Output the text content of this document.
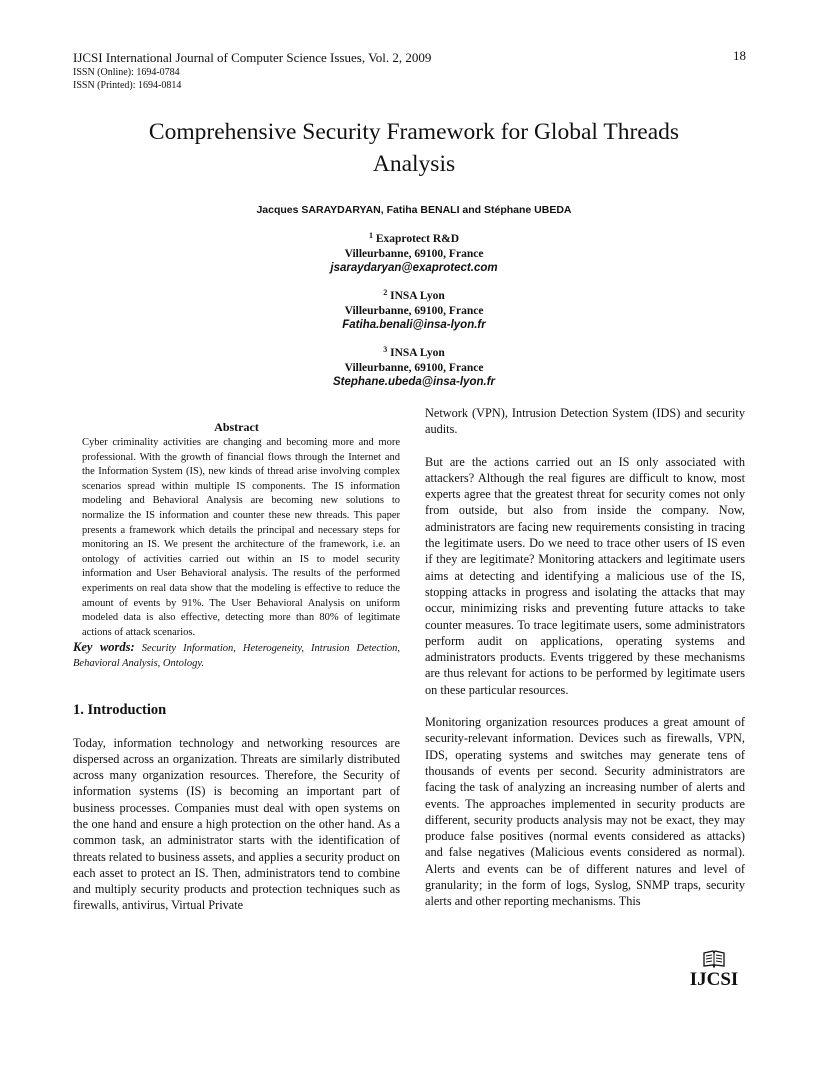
IJCSI International Journal of Computer Science Issues, Vol. 2, 2009
ISSN (Online): 1694-0784
ISSN (Printed): 1694-0814
18
Comprehensive Security Framework for Global Threads
Analysis
Jacques SARAYDARYAN, Fatiha BENALI and Stéphane UBEDA
$^1$ Exaprotect R&D
Villeurbanne, 69100, France
jsaraydaryan@exaprotect.com
$^2$ INSA Lyon
Villeurbanne, 69100, France
Fatiha.benali@insa-lyon.fr
$^3$ INSA Lyon
Villeurbanne, 69100, France
Stephane.ubeda@insa-lyon.fr
Abstract

Cyber criminality activities are changing and becoming more and more professional. With the growth of financial flows through the Internet and the Information System (IS), new kinds of thread arise involving complex scenarios spread within multiple IS components. The IS information modeling and Behavioral Analysis are becoming new solutions to normalize the IS information and counter these new threads. This paper presents a framework which details the principal and necessary steps for monitoring an IS. We present the architecture of the framework, i.e. an ontology of activities carried out within an IS to model security information and User Behavioral analysis. The results of the performed experiments on real data show that the modeling is effective to reduce the amount of events by 91%. The User Behavioral Analysis on uniform modeled data is also effective, detecting more than 80% of legitimate actions of attack scenarios.

Key words: Security Information, Heterogeneity, Intrusion Detection, Behavioral Analysis, Ontology.

1. Introduction

Today, information technology and networking resources are dispersed across an organization. Threats are similarly distributed across many organization resources. Therefore, the Security of information systems (IS) is becoming an important part of business processes. Companies must deal with open systems on the one hand and ensure a high protection on the other hand. As a common task, an administrator starts with the identification of threats related to business assets, and applies a security product on each asset to protect an IS. Then, administrators tend to combine and multiply security products and protection techniques such as firewalls, antivirus, Virtual Private

Network (VPN), Intrusion Detection System (IDS) and security audits.

But are the actions carried out an IS only associated with attackers? Although the real figures are difficult to know, most experts agree that the greatest threat for security comes not only from outside, but also from inside the company. Now, administrators are facing new requirements consisting in tracing the legitimate users. Do we need to trace other users of IS even if they are legitimate? Monitoring attackers and legitimate users aims at detecting and identifying a malicious use of the IS, stopping attacks in progress and isolating the attacks that may occur, minimizing risks and preventing future attacks to take counter measures. To trace legitimate users, some administrators perform audit on applications, operating systems and administrators products. Events triggered by these mechanisms are thus relevant for actions to be performed by legitimate users on these particular resources.

Monitoring organization resources produces a great amount of security-relevant information. Devices such as firewalls, VPN, IDS, operating systems and switches may generate tens of thousands of events per second. Security administrators are facing the task of analyzing an increasing number of alerts and events. The approaches implemented in security products are different, security products analysis may not be exact, they may produce false positives (normal events considered as attacks) and false negatives (Malicious events considered as normal). Alerts and events can be of different natures and level of granularity; in the form of logs, Syslog, SNMP traps, security alerts and other reporting mechanisms. This

IJCSI
